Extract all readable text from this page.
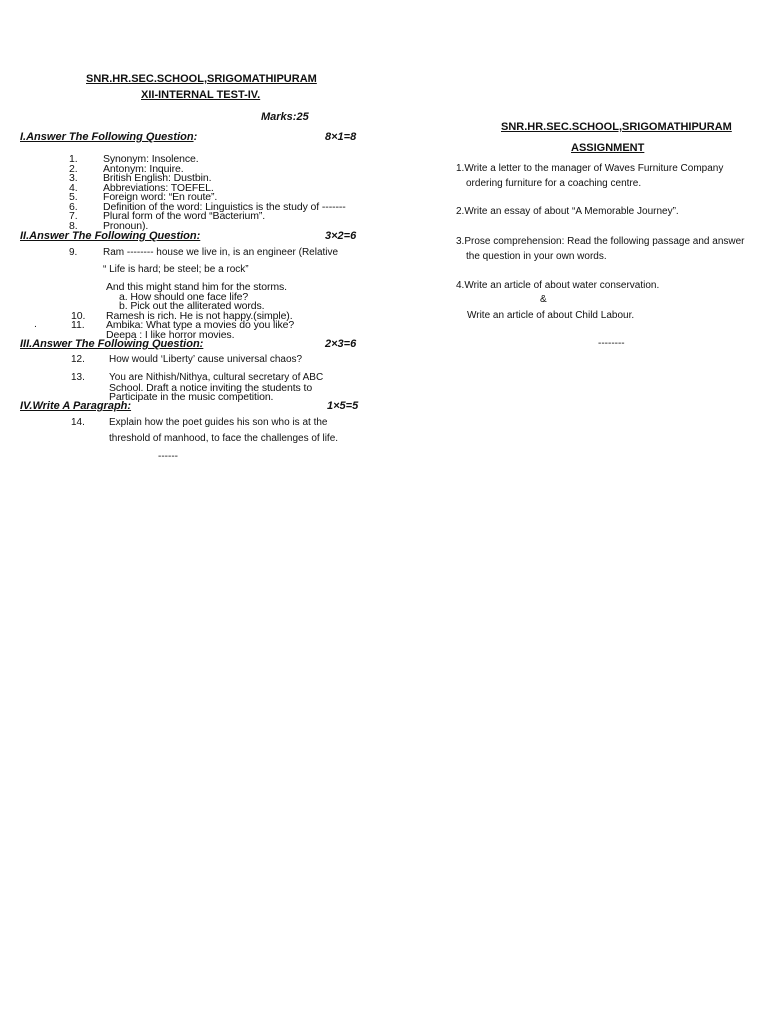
SNR.HR.SEC.SCHOOL,SRIGOMATHIPURAM
XII-INTERNAL TEST-IV.
Marks:25
I.Answer The Following Question:	8×1=8
1. Synonym: Insolence.
2. Antonym: Inquire.
3. British English: Dustbin.
4. Abbreviations: TOEFEL.
5. Foreign word: “En route”.
6. Definition of the word: Linguistics is the study of -------
7. Plural form of the word “Bacterium”.
8. Pronoun).
II.Answer The Following Question:	3×2=6
9.	Ram -------- house we live in, is an engineer (Relative
“ Life is hard; be steel; be a rock”
And this might stand him for the storms.
a. How should one face life?
b. Pick out the alliterated words.
10. Ramesh is rich. He is not happy.(simple).
.	11. Ambika: What type a movies do you like?
Deepa : I like horror movies.
III.Answer The Following Question:	2×3=6
12. How would ‘Liberty’ cause universal chaos?
13. You are Nithish/Nithya, cultural secretary of ABC
School. Draft a notice inviting the students to
Participate in the music competition.
IV.Write A Paragraph:	1×5=5
14. Explain how the poet guides his son who is at the
threshold of manhood, to face the challenges of life.
------
SNR.HR.SEC.SCHOOL,SRIGOMATHIPURAM
ASSIGNMENT
1.Write a letter to the manager of Waves Furniture Company
ordering furniture for a coaching centre.
2.Write an essay of about “A Memorable Journey”.
3.Prose comprehension: Read the following passage and answer
the question in your own words.
4.Write an article of about water conservation.
&
Write an article of about Child Labour.
--------
